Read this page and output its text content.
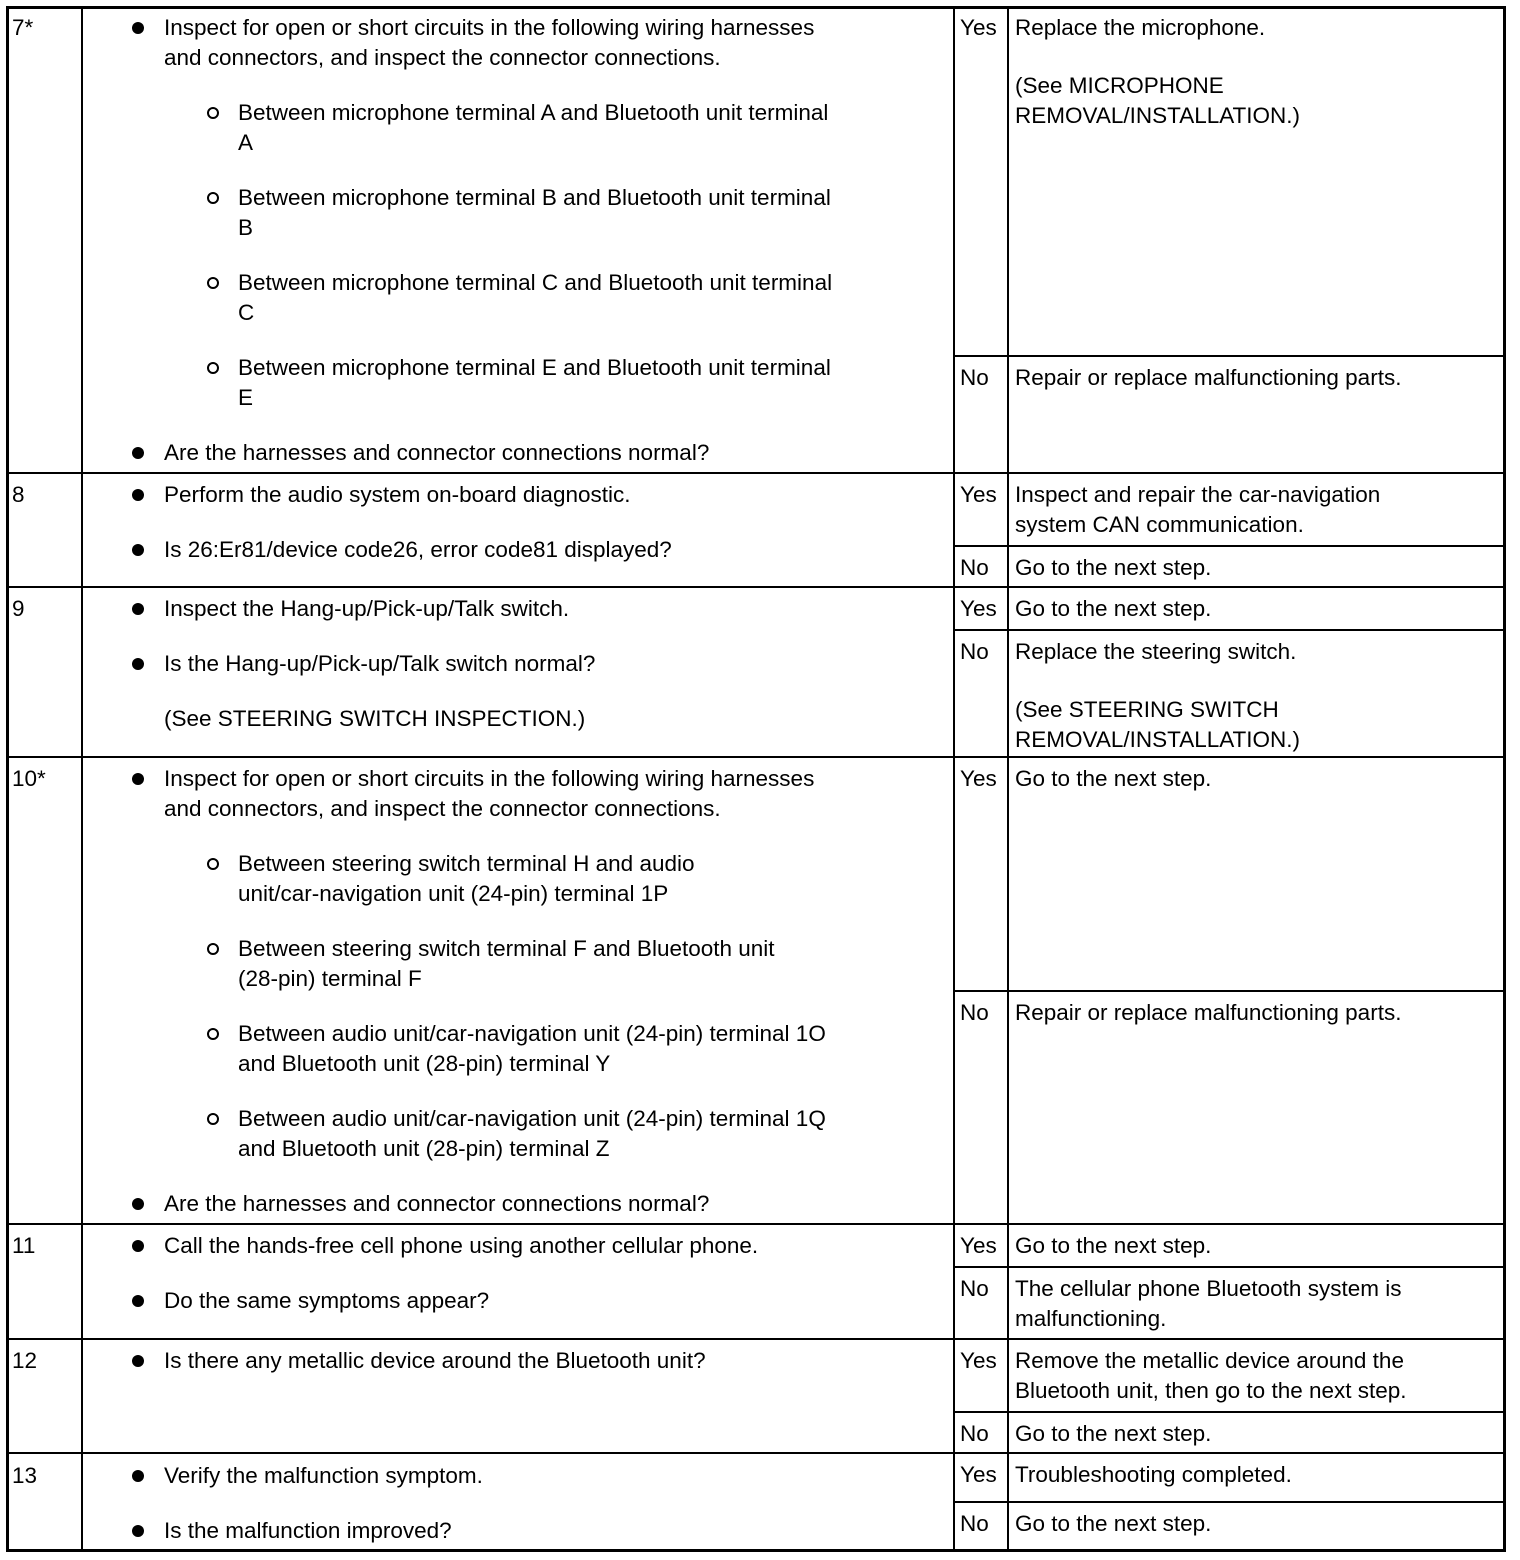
7*	Inspect for open or short circuits in the following wiring harnesses
and connectors, and inspect the connector connections.
Between microphone terminal A and Bluetooth unit terminal
A
Between microphone terminal B and Bluetooth unit terminal
B
Between microphone terminal C and Bluetooth unit terminal
C
Between microphone terminal E and Bluetooth unit terminal
E
Are the harnesses and connector connections normal?
Yes Replace the microphone.
(See MICROPHONE
REMOVAL/INSTALLATION.)
No Repair or replace malfunctioning parts.
8	Perform the audio system on-board diagnostic.
Is 26:Er81/device code26, error code81 displayed?
Yes Inspect and repair the car-navigation
system CAN communication.
No Go to the next step.
9	Inspect the Hang-up/Pick-up/Talk switch.
Is the Hang-up/Pick-up/Talk switch normal?
(See STEERING SWITCH INSPECTION.)
Yes Go to the next step.
No Replace the steering switch.
(See STEERING SWITCH
REMOVAL/INSTALLATION.)
10*	Inspect for open or short circuits in the following wiring harnesses
and connectors, and inspect the connector connections.
Between steering switch terminal H and audio
unit/car-navigation unit (24-pin) terminal 1P
Between steering switch terminal F and Bluetooth unit
(28-pin) terminal F
Between audio unit/car-navigation unit (24-pin) terminal 1O
and Bluetooth unit (28-pin) terminal Y
Between audio unit/car-navigation unit (24-pin) terminal 1Q
and Bluetooth unit (28-pin) terminal Z
Are the harnesses and connector connections normal?
Yes Go to the next step.
No Repair or replace malfunctioning parts.
11	Call the hands-free cell phone using another cellular phone.
Do the same symptoms appear?
Yes Go to the next step.
No The cellular phone Bluetooth system is
malfunctioning.
12	Is there any metallic device around the Bluetooth unit?	Yes Remove the metallic device around the
Bluetooth unit, then go to the next step.
No Go to the next step.
13	Verify the malfunction symptom.
Is the malfunction improved?
Yes Troubleshooting completed.
No Go to the next step.
